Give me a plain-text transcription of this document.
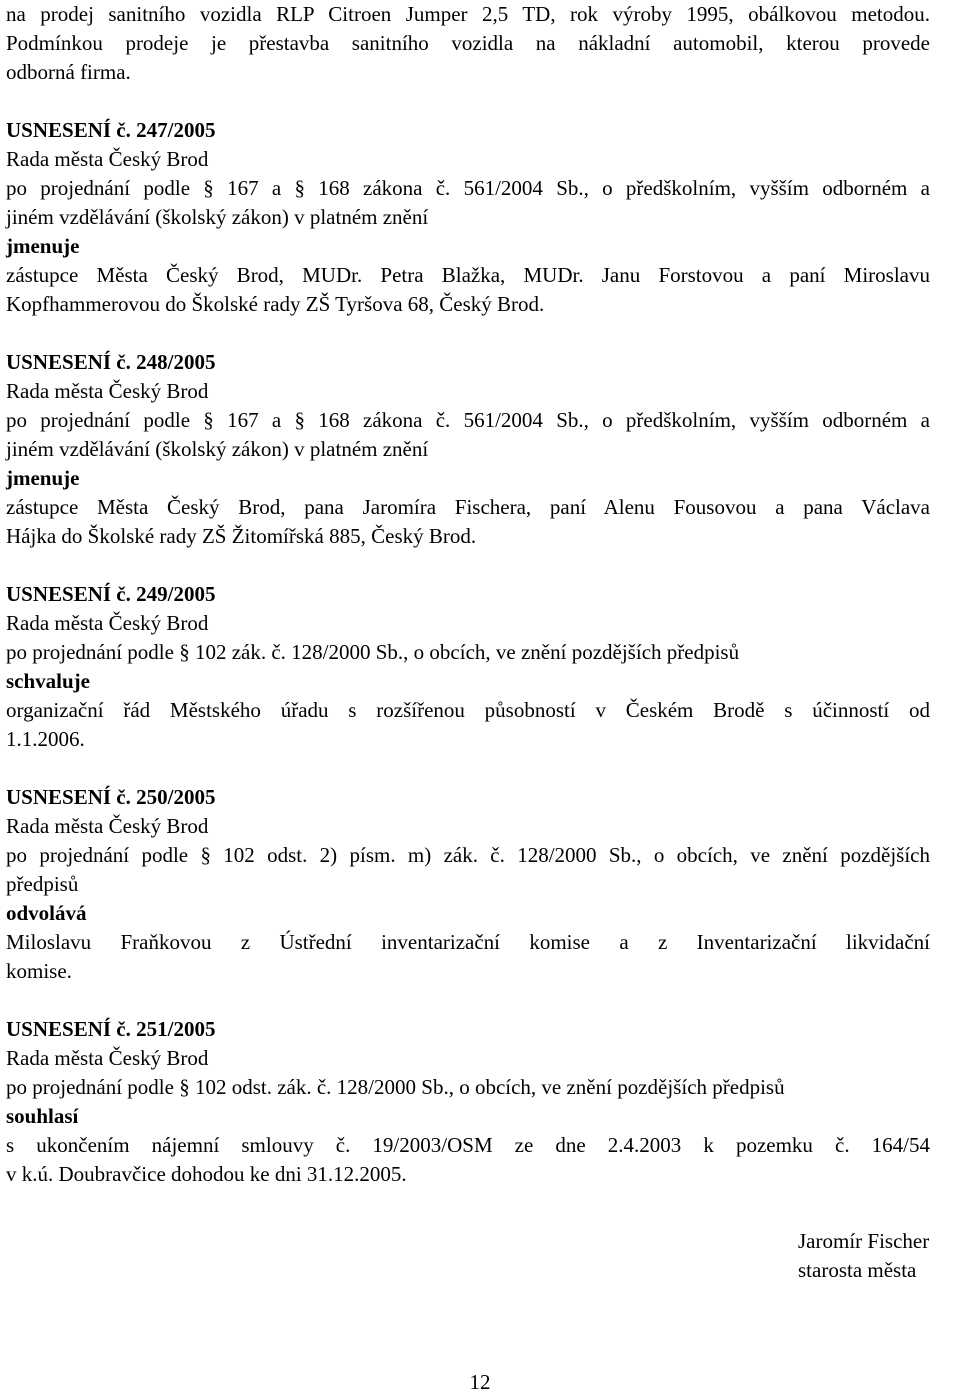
na prodej sanitního vozidla RLP Citroen Jumper 2,5 TD, rok výroby 1995, obálkovou metodou.
Podmínkou prodeje je přestavba sanitního vozidla na nákladní automobil, kterou provede
odborná firma.
USNESENÍ č. 247/2005
Rada města Český Brod
po projednání podle § 167 a § 168 zákona č. 561/2004 Sb., o předškolním, vyšším odborném a
jiném vzdělávání (školský zákon) v platném znění
jmenuje
zástupce Města Český Brod, MUDr. Petra Blažka, MUDr. Janu Forstovou a paní Miroslavu
Kopfhammerovou do Školské rady ZŠ Tyršova 68, Český Brod.
USNESENÍ č. 248/2005
Rada města Český Brod
po projednání podle § 167 a § 168 zákona č. 561/2004 Sb., o předškolním, vyšším odborném a
jiném vzdělávání (školský zákon) v platném znění
jmenuje
zástupce Města Český Brod, pana Jaromíra Fischera, paní Alenu Fousovou a pana Václava
Hájka do Školské rady ZŠ Žitomířská 885, Český Brod.
USNESENÍ č. 249/2005
Rada města Český Brod
po projednání podle § 102 zák. č. 128/2000 Sb., o obcích, ve znění pozdějších předpisů
schvaluje
organizační řád Městského úřadu s rozšířenou působností v Českém Brodě s účinností od
1.1.2006.
USNESENÍ č. 250/2005
Rada města Český Brod
po projednání podle § 102 odst. 2) písm. m) zák. č. 128/2000 Sb., o obcích, ve znění pozdějších
předpisů
odvolává
Miloslavu Fraňkovou z Ústřední inventarizační komise a z Inventarizační likvidační
komise.
USNESENÍ č. 251/2005
Rada města Český Brod
po projednání podle § 102 odst. zák. č. 128/2000 Sb., o obcích, ve znění pozdějších předpisů
souhlasí
s ukončením nájemní smlouvy č. 19/2003/OSM ze dne 2.4.2003 k pozemku č. 164/54
v k.ú. Doubravčice dohodou ke dni 31.12.2005.
Jaromír Fischer
starosta města
12
